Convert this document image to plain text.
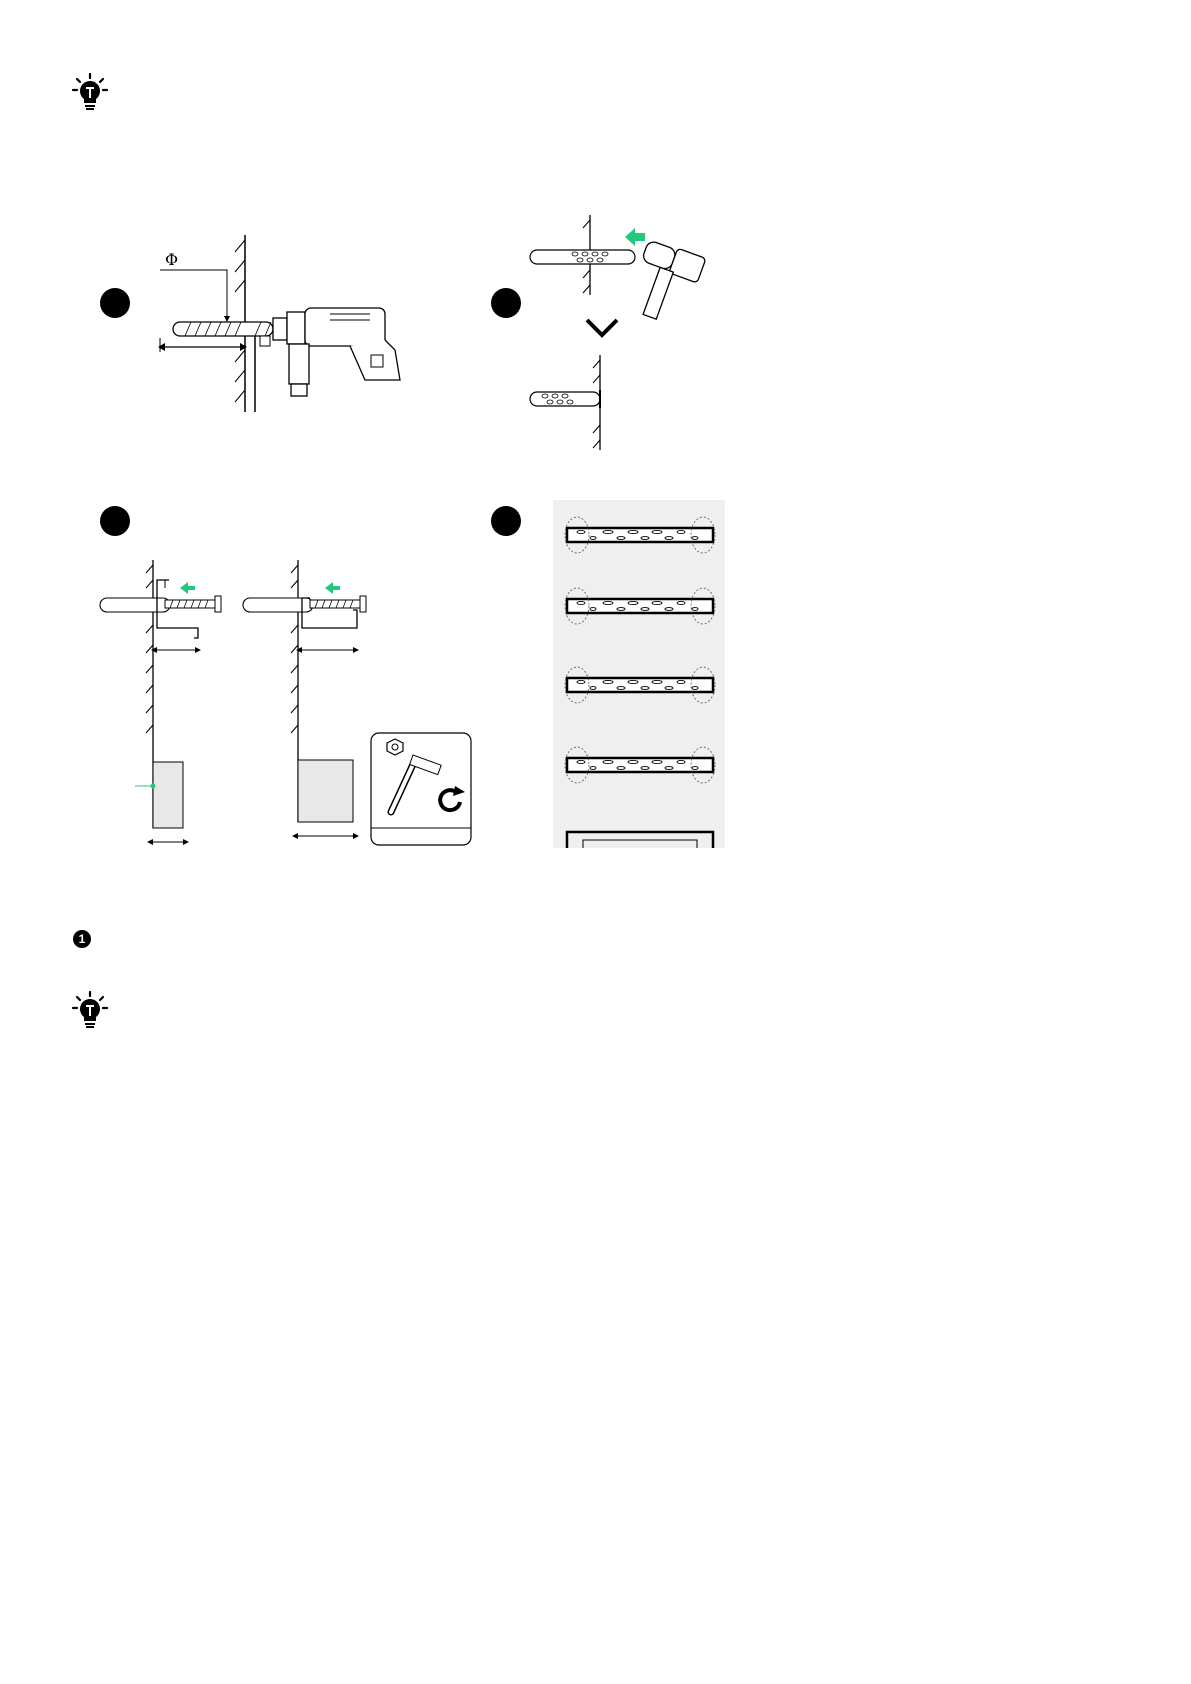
Φ
1
